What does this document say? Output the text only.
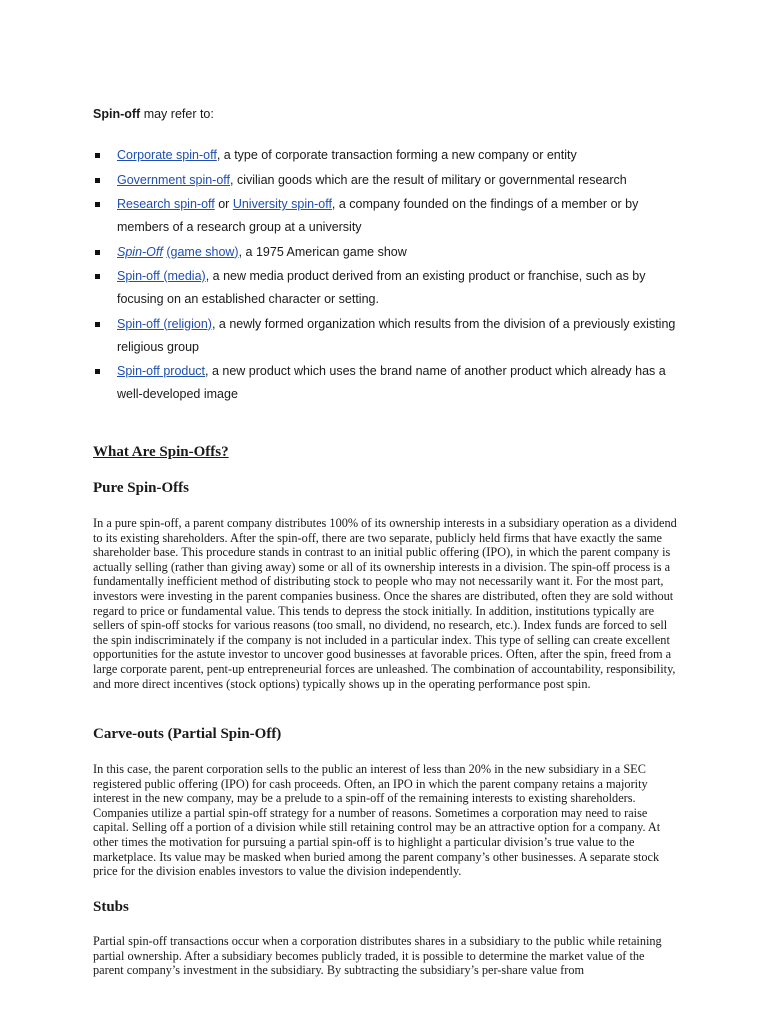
Spin-off may refer to:
Corporate spin-off, a type of corporate transaction forming a new company or entity
Government spin-off, civilian goods which are the result of military or governmental research
Research spin-off or University spin-off, a company founded on the findings of a member or by members of a research group at a university
Spin-Off (game show), a 1975 American game show
Spin-off (media), a new media product derived from an existing product or franchise, such as by focusing on an established character or setting.
Spin-off (religion), a newly formed organization which results from the division of a previously existing religious group
Spin-off product, a new product which uses the brand name of another product which already has a well-developed image
What Are Spin-Offs?
Pure Spin-Offs

In a pure spin-off, a parent company distributes 100% of its ownership interests in a subsidiary operation as a dividend to its existing shareholders. After the spin-off, there are two separate, publicly held firms that have exactly the same shareholder base. This procedure stands in contrast to an initial public offering (IPO), in which the parent company is actually selling (rather than giving away) some or all of its ownership interests in a division. The spin-off process is a fundamentally inefficient method of distributing stock to people who may not necessarily want it. For the most part, investors were investing in the parent companies business. Once the shares are distributed, often they are sold without regard to price or fundamental value. This tends to depress the stock initially. In addition, institutions typically are sellers of spin-off stocks for various reasons (too small, no dividend, no research, etc.). Index funds are forced to sell the spin indiscriminately if the company is not included in a particular index. This type of selling can create excellent opportunities for the astute investor to uncover good businesses at favorable prices. Often, after the spin, freed from a large corporate parent, pent-up entrepreneurial forces are unleashed. The combination of accountability, responsibility, and more direct incentives (stock options) typically shows up in the operating performance post spin.

Carve-outs (Partial Spin-Off)

In this case, the parent corporation sells to the public an interest of less than 20% in the new subsidiary in a SEC registered public offering (IPO) for cash proceeds. Often, an IPO in which the parent company retains a majority interest in the new company, may be a prelude to a spin-off of the remaining interests to existing shareholders. Companies utilize a partial spin-off strategy for a number of reasons. Sometimes a corporation may need to raise capital. Selling off a portion of a division while still retaining control may be an attractive option for a company. At other times the motivation for pursuing a partial spin-off is to highlight a particular division’s true value to the marketplace. Its value may be masked when buried among the parent company’s other businesses. A separate stock price for the division enables investors to value the division independently.

Stubs

Partial spin-off transactions occur when a corporation distributes shares in a subsidiary to the public while retaining partial ownership. After a subsidiary becomes publicly traded, it is possible to determine the market value of the parent company’s investment in the subsidiary. By subtracting the subsidiary’s per-share value from
